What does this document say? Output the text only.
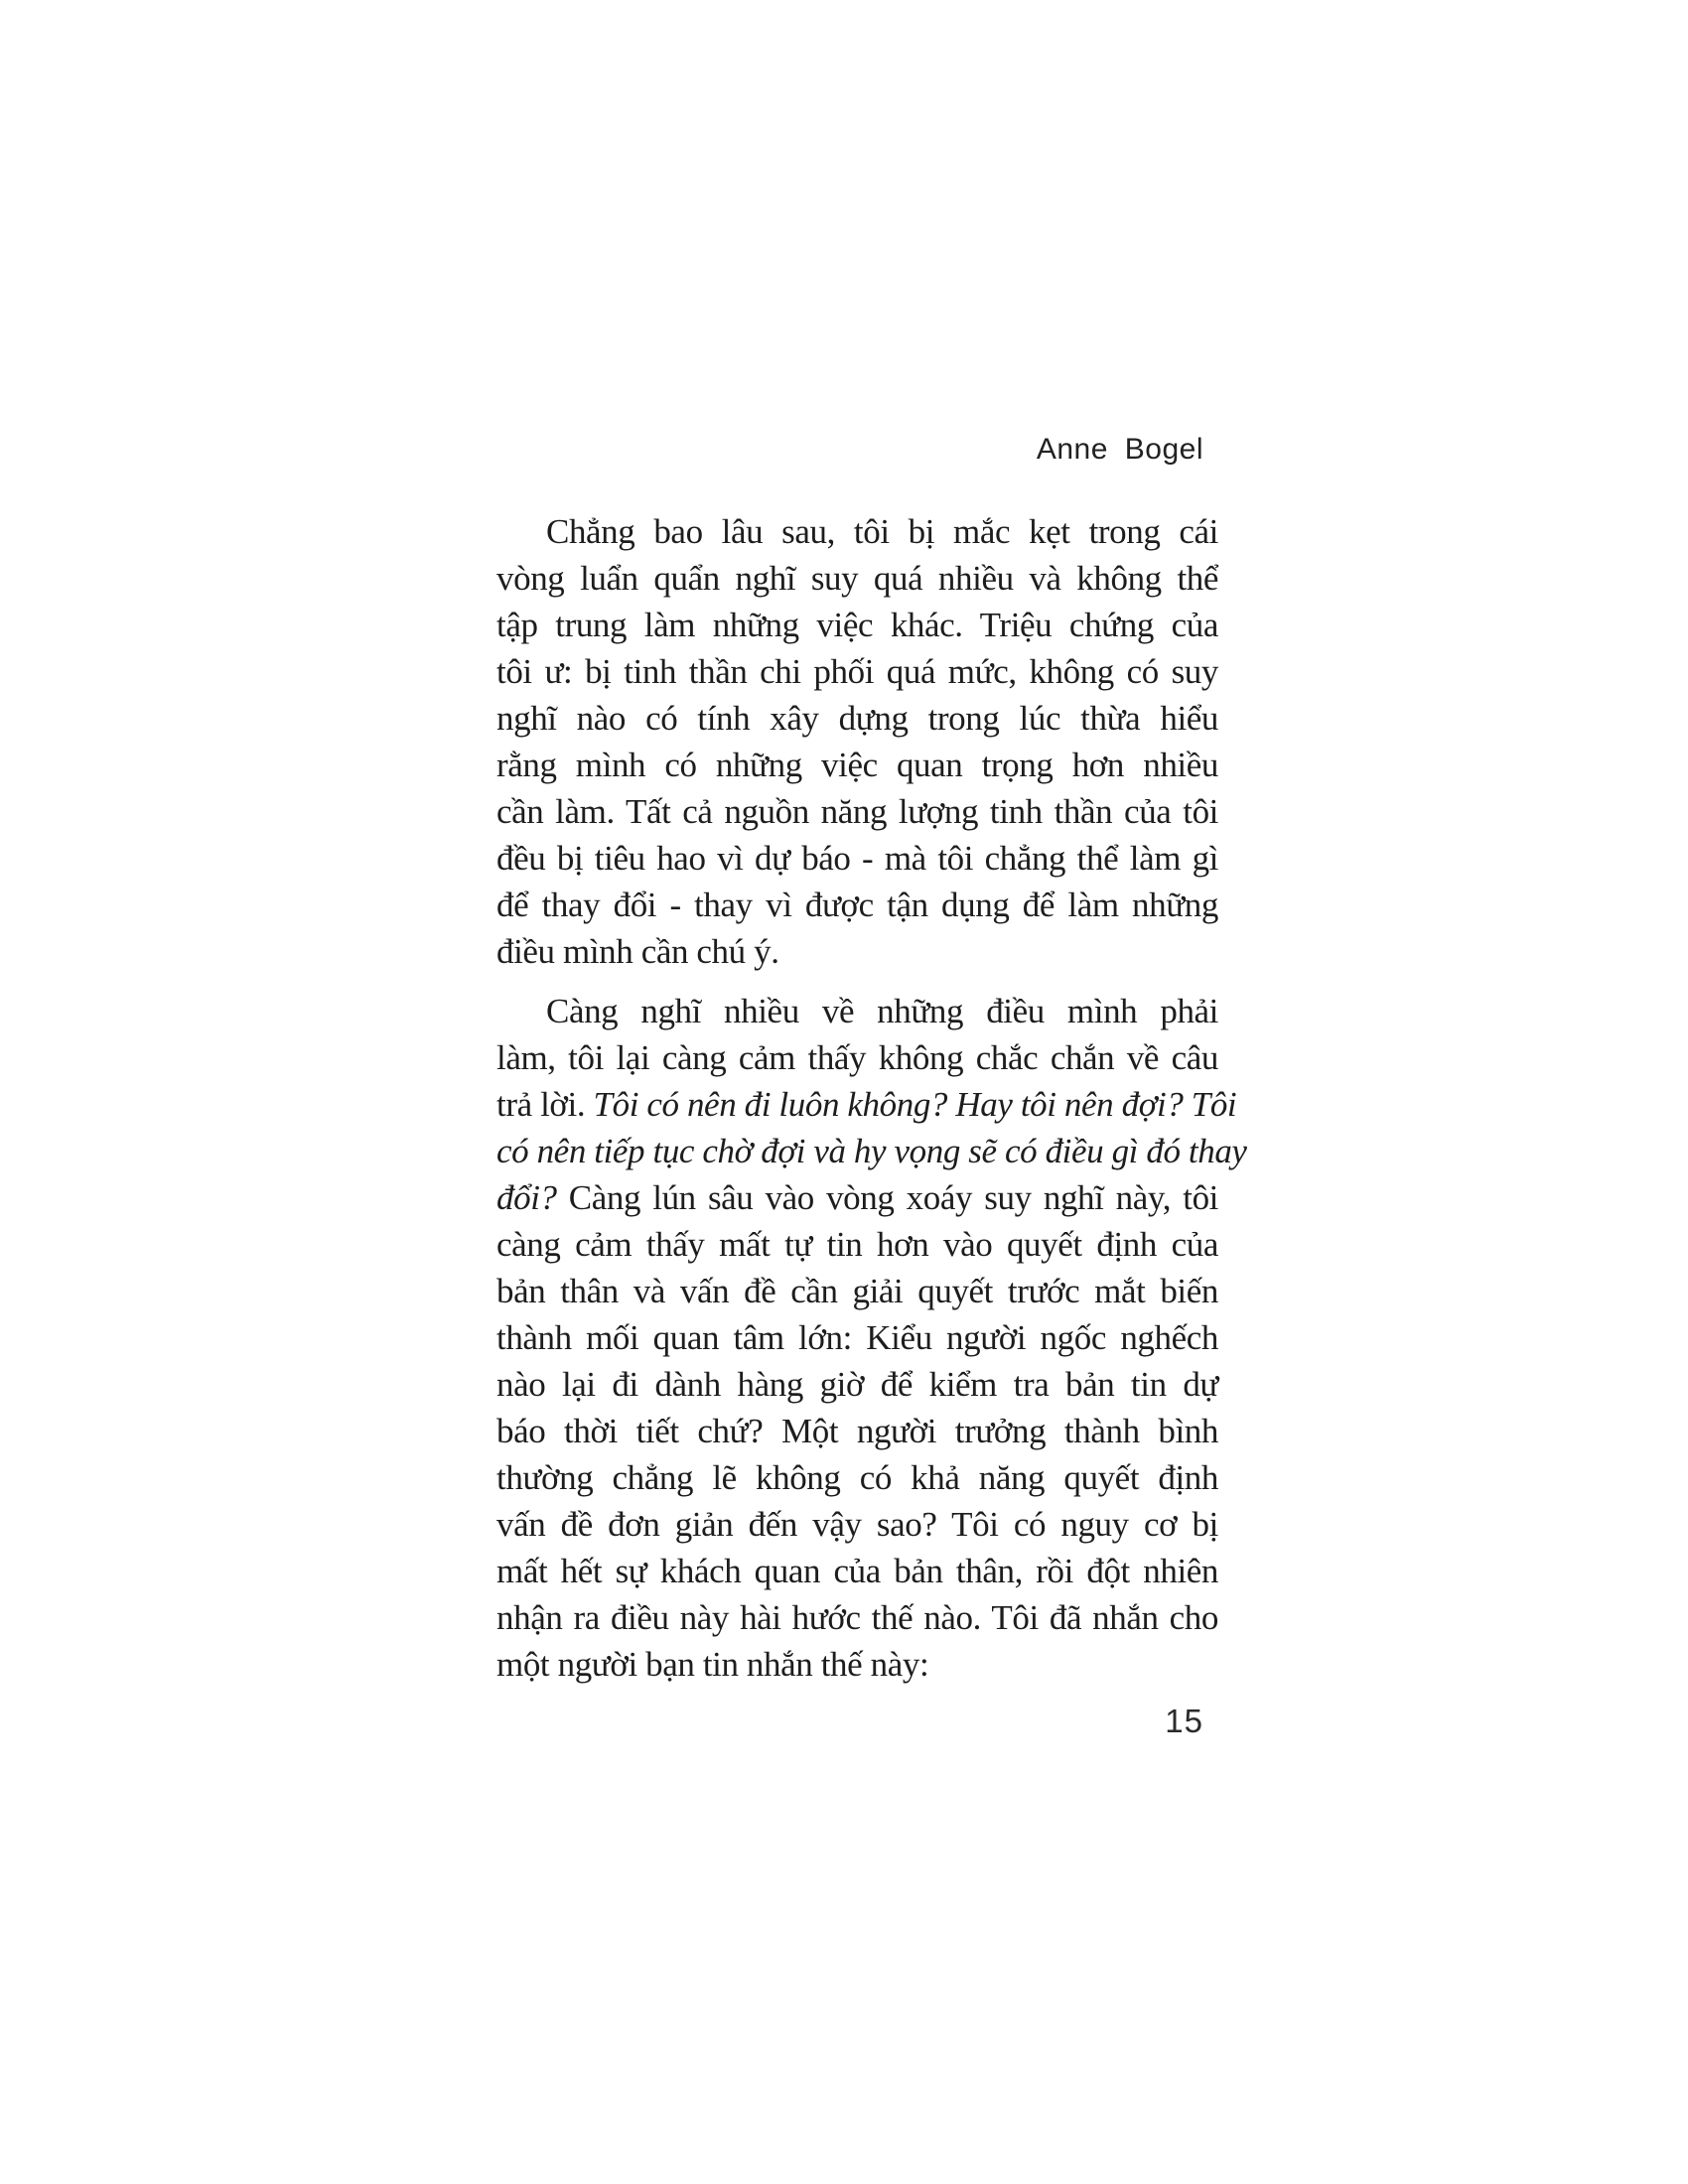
Anne Bogel
Chẳng bao lâu sau, tôi bị mắc kẹt trong cái
vòng luẩn quẩn nghĩ suy quá nhiều và không thể
tập trung làm những việc khác. Triệu chứng của
tôi ư: bị tinh thần chi phối quá mức, không có suy
nghĩ nào có tính xây dựng trong lúc thừa hiểu
rằng mình có những việc quan trọng hơn nhiều
cần làm. Tất cả nguồn năng lượng tinh thần của tôi
đều bị tiêu hao vì dự báo - mà tôi chẳng thể làm gì
để thay đổi - thay vì được tận dụng để làm những
điều mình cần chú ý.
Càng nghĩ nhiều về những điều mình phải
làm, tôi lại càng cảm thấy không chắc chắn về câu
trả lời. Tôi có nên đi luôn không? Hay tôi nên đợi? Tôi
có nên tiếp tục chờ đợi và hy vọng sẽ có điều gì đó thay
đổi? Càng lún sâu vào vòng xoáy suy nghĩ này, tôi
càng cảm thấy mất tự tin hơn vào quyết định của
bản thân và vấn đề cần giải quyết trước mắt biến
thành mối quan tâm lớn: Kiểu người ngốc nghếch
nào lại đi dành hàng giờ để kiểm tra bản tin dự
báo thời tiết chứ? Một người trưởng thành bình
thường chẳng lẽ không có khả năng quyết định
vấn đề đơn giản đến vậy sao? Tôi có nguy cơ bị
mất hết sự khách quan của bản thân, rồi đột nhiên
nhận ra điều này hài hước thế nào. Tôi đã nhắn cho
một người bạn tin nhắn thế này:
15
